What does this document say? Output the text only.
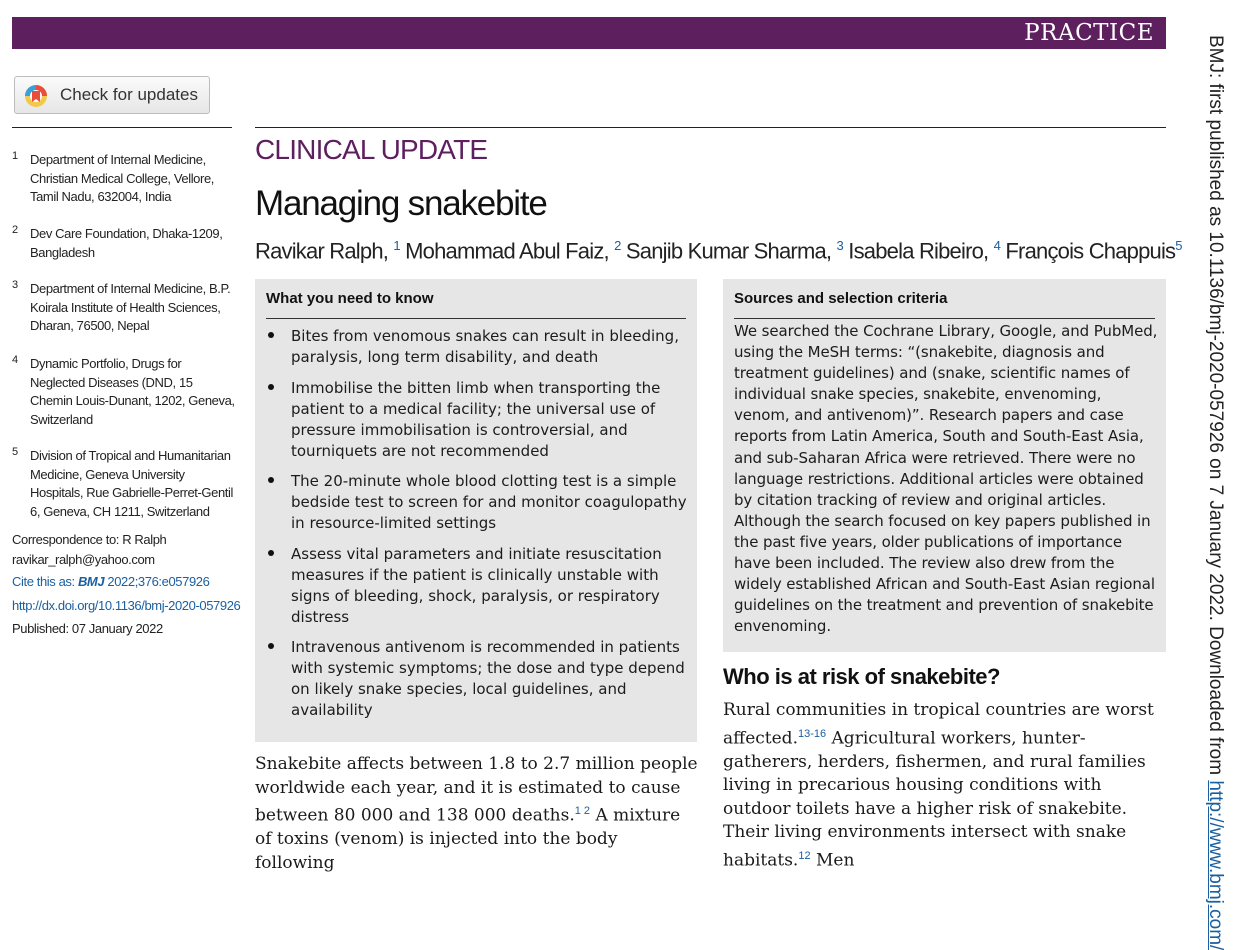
PRACTICE
Check for updates
1 Department of Internal Medicine, Christian Medical College, Vellore, Tamil Nadu, 632004, India
2 Dev Care Foundation, Dhaka-1209, Bangladesh
3 Department of Internal Medicine, B.P. Koirala Institute of Health Sciences, Dharan, 76500, Nepal
4 Dynamic Portfolio, Drugs for Neglected Diseases (DND, 15 Chemin Louis-Dunant, 1202, Geneva, Switzerland
5 Division of Tropical and Humanitarian Medicine, Geneva University Hospitals, Rue Gabrielle-Perret-Gentil 6, Geneva, CH 1211, Switzerland
Correspondence to: R Ralph
ravikar_ralph@yahoo.com
Cite this as: BMJ 2022;376:e057926
http://dx.doi.org/10.1136/bmj-2020-057926
Published: 07 January 2022
CLINICAL UPDATE
Managing snakebite
Ravikar Ralph, $^1$ Mohammad Abul Faiz, $^2$ Sanjib Kumar Sharma, $^3$ Isabela Ribeiro, $^4$ François Chappuis$^5$
What you need to know
Bites from venomous snakes can result in bleeding, paralysis, long term disability, and death
Immobilise the bitten limb when transporting the patient to a medical facility; the universal use of pressure immobilisation is controversial, and tourniquets are not recommended
The 20-minute whole blood clotting test is a simple bedside test to screen for and monitor coagulopathy in resource-limited settings
Assess vital parameters and initiate resuscitation measures if the patient is clinically unstable with signs of bleeding, shock, paralysis, or respiratory distress
Intravenous antivenom is recommended in patients with systemic symptoms; the dose and type depend on likely snake species, local guidelines, and availability
Sources and selection criteria

We searched the Cochrane Library, Google, and PubMed, using the MeSH terms: “(snakebite, diagnosis and treatment guidelines) and (snake, scientific names of individual snake species, snakebite, envenoming, venom, and antivenom)”. Research papers and case reports from Latin America, South and South-East Asia, and sub-Saharan Africa were retrieved. There were no language restrictions. Additional articles were obtained by citation tracking of review and original articles. Although the search focused on key papers published in the past five years, older publications of importance have been included. The review also drew from the widely established African and South-East Asian regional guidelines on the treatment and prevention of snakebite envenoming.

Snakebite affects between 1.8 to 2.7 million people worldwide each year, and it is estimated to cause between 80 000 and 138 000 deaths.$^{1 2}$ A mixture of toxins (venom) is injected into the body following

Who is at risk of snakebite?

Rural communities in tropical countries are worst affected.$^{13-16}$ Agricultural workers, hunter-gatherers, herders, fishermen, and rural families living in precarious housing conditions with outdoor toilets have a higher risk of snakebite. Their living environments intersect with snake habitats.$^{12}$ Men

BMJ: first published as 10.1136/bmj-2020-057926 on 7 January 2022. Downloaded from http://www.bmj.com/
